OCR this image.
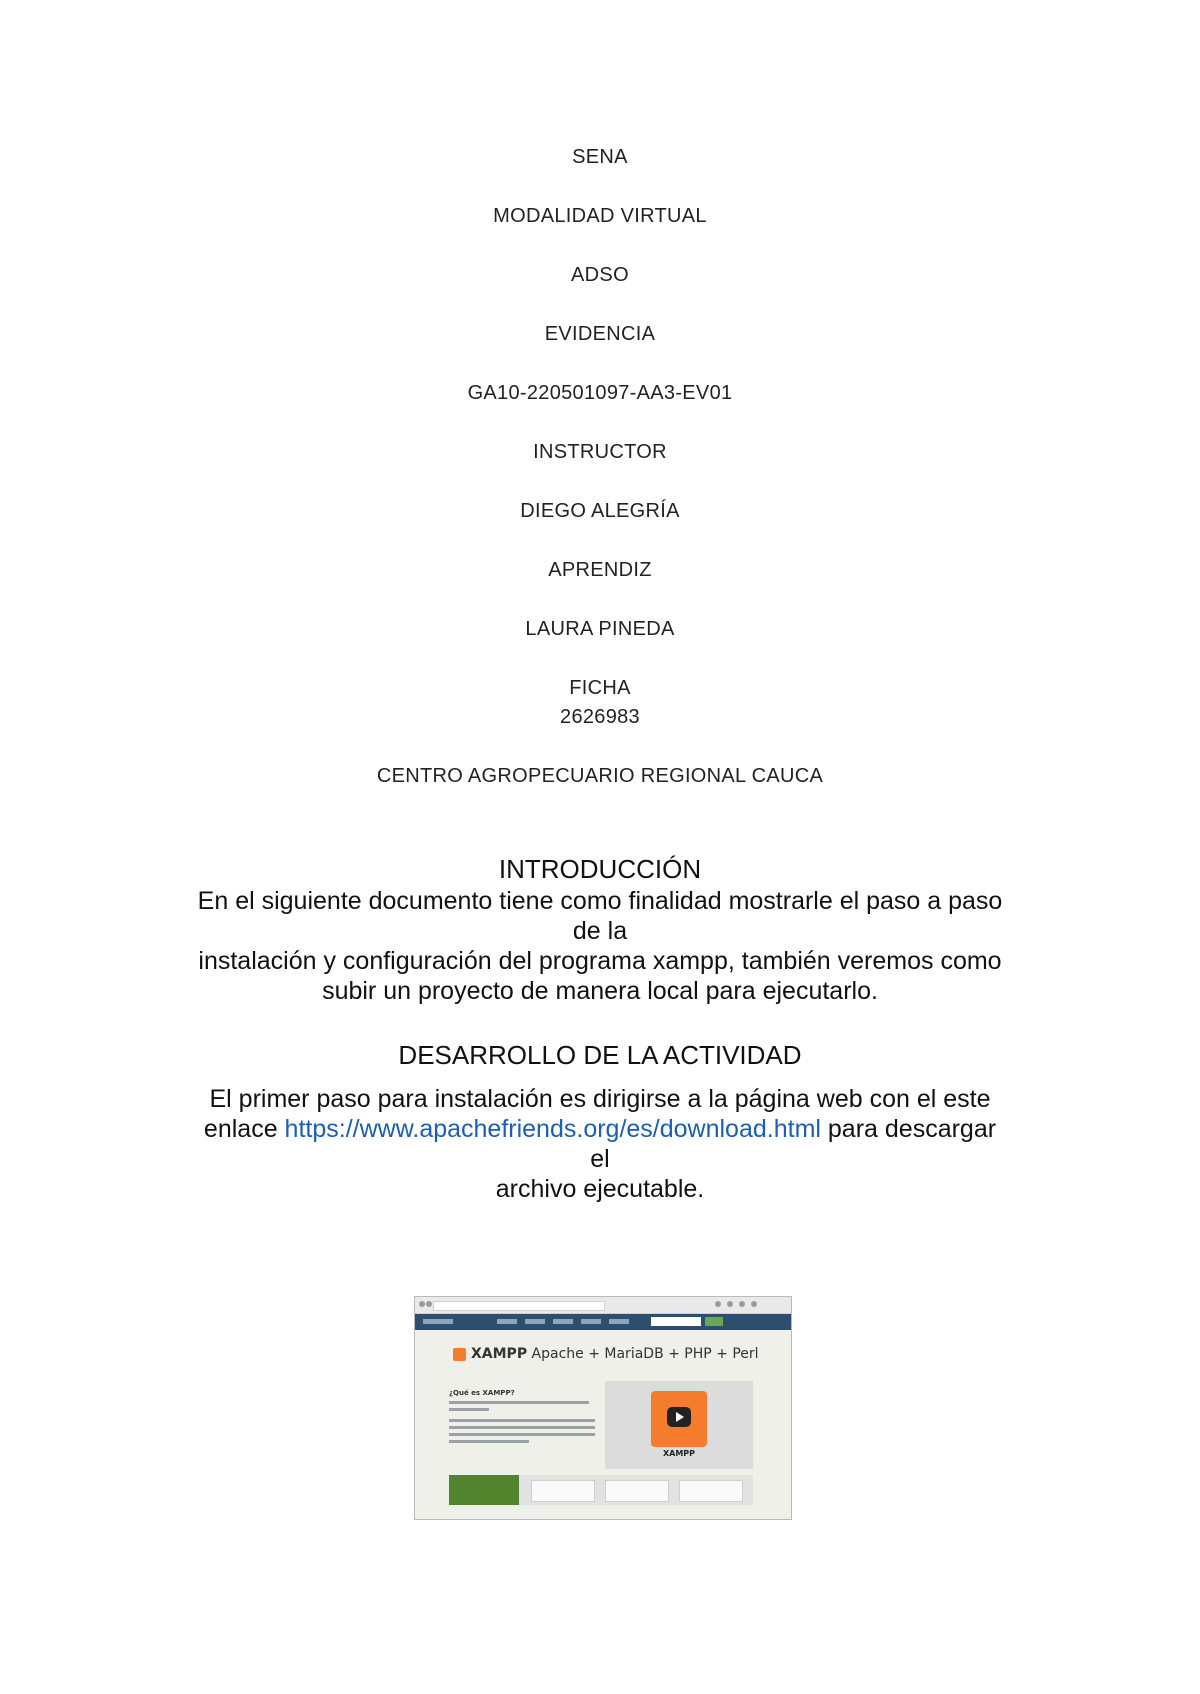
SENA
MODALIDAD VIRTUAL
ADSO
EVIDENCIA
GA10-220501097-AA3-EV01
INSTRUCTOR
DIEGO ALEGRÍA
APRENDIZ
LAURA PINEDA
FICHA
2626983
CENTRO AGROPECUARIO REGIONAL CAUCA
INTRODUCCIÓN
En el siguiente documento tiene como finalidad mostrarle el paso a paso
de la
instalación y configuración del programa xampp, también veremos como
subir un proyecto de manera local para ejecutarlo.
DESARROLLO DE LA ACTIVIDAD
El primer paso para instalación es dirigirse a la página web con el este
enlace https://www.apachefriends.org/es/download.html para descargar
el
archivo ejecutable.
XAMPP Apache + MariaDB + PHP + Perl
¿Qué es XAMPP?
XAMPP
